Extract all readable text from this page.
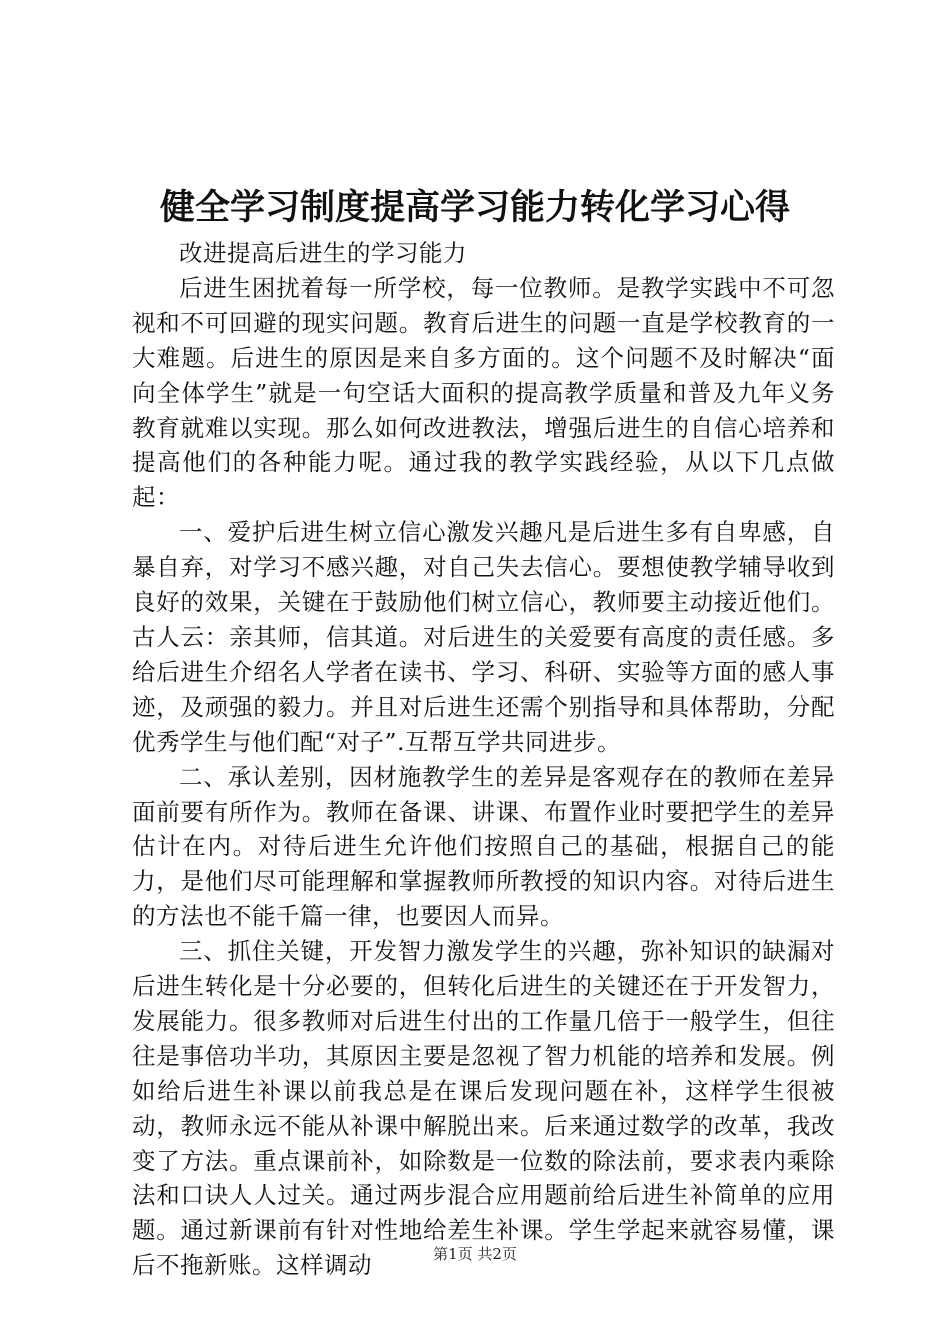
健全学习制度提高学习能力转化学习心得

改进提高后进生的学习能力

后进生困扰着每一所学校，每一位教师。是教学实践中不可忽视和不可回避的现实问题。教育后进生的问题一直是学校教育的一大难题。后进生的原因是来自多方面的。这个问题不及时解决“面向全体学生”就是一句空话大面积的提高教学质量和普及九年义务教育就难以实现。那么如何改进教法，增强后进生的自信心培养和提高他们的各种能力呢。通过我的教学实践经验，从以下几点做起：

一、爱护后进生树立信心激发兴趣凡是后进生多有自卑感，自暴自弃，对学习不感兴趣，对自己失去信心。要想使教学辅导收到良好的效果，关键在于鼓励他们树立信心，教师要主动接近他们。古人云：亲其师，信其道。对后进生的关爱要有高度的责任感。多给后进生介绍名人学者在读书、学习、科研、实验等方面的感人事迹，及顽强的毅力。并且对后进生还需个别指导和具体帮助，分配优秀学生与他们配“对子”.互帮互学共同进步。

二、承认差别，因材施教学生的差异是客观存在的教师在差异面前要有所作为。教师在备课、讲课、布置作业时要把学生的差异估计在内。对待后进生允许他们按照自己的基础，根据自己的能力，是他们尽可能理解和掌握教师所教授的知识内容。对待后进生的方法也不能千篇一律，也要因人而异。

三、抓住关键，开发智力激发学生的兴趣，弥补知识的缺漏对后进生转化是十分必要的，但转化后进生的关键还在于开发智力，发展能力。很多教师对后进生付出的工作量几倍于一般学生，但往往是事倍功半功，其原因主要是忽视了智力机能的培养和发展。例如给后进生补课以前我总是在课后发现问题在补，这样学生很被动，教师永远不能从补课中解脱出来。后来通过数学的改革，我改变了方法。重点课前补，如除数是一位数的除法前，要求表内乘除法和口诀人人过关。通过两步混合应用题前给后进生补简单的应用题。通过新课前有针对性地给差生补课。学生学起来就容易懂，课后不拖新账。这样调动	第1页 共2页
